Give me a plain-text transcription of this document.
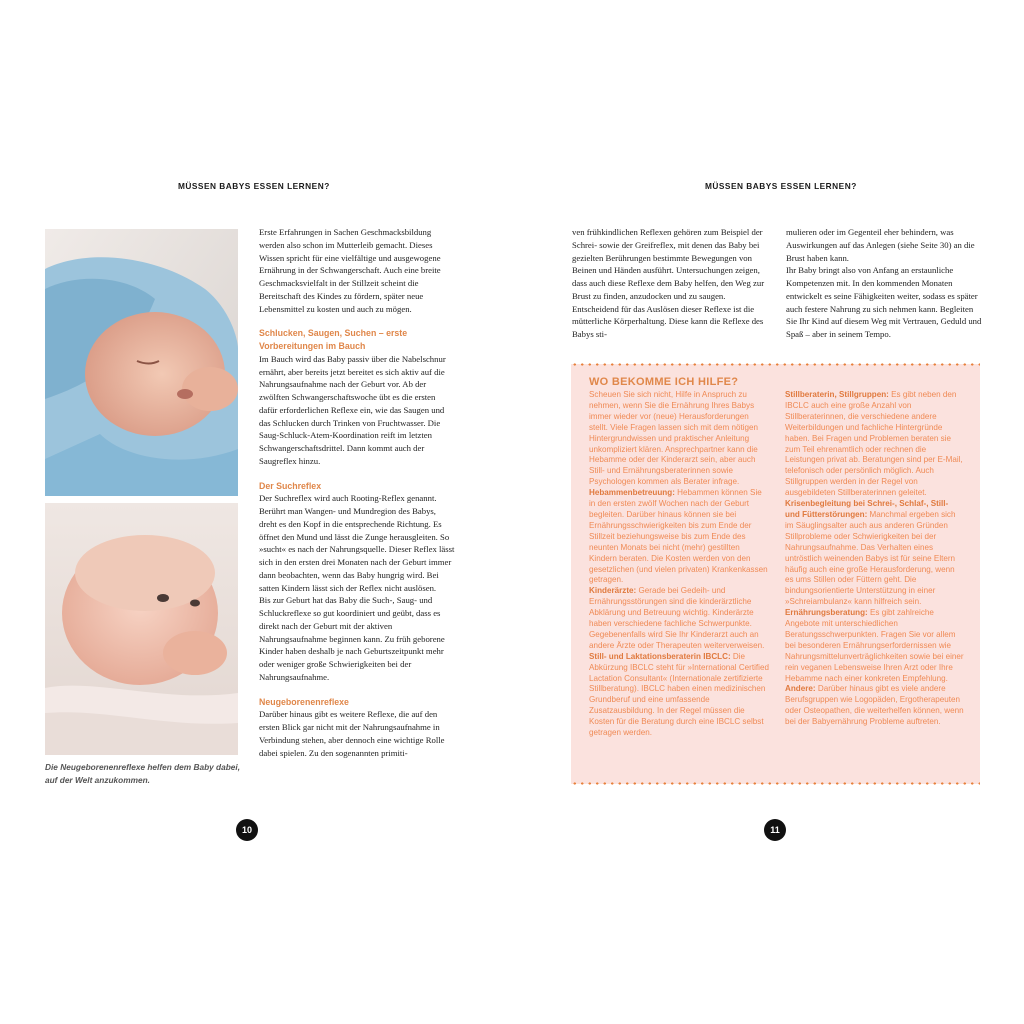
MÜSSEN BABYS ESSEN LERNEN?
Die Neugeborenenreflexe helfen dem Baby dabei, auf der Welt anzukommen.

Erste Erfahrungen in Sachen Geschmacksbildung werden also schon im Mutterleib gemacht. Dieses Wissen spricht für eine vielfältige und ausgewogene Ernährung in der Schwangerschaft. Auch eine breite Geschmacksvielfalt in der Stillzeit scheint die Bereitschaft des Kindes zu fördern, später neue Lebensmittel zu kosten und auch zu mögen.

Schlucken, Saugen, Suchen – erste Vorbereitungen im Bauch

Im Bauch wird das Baby passiv über die Nabelschnur ernährt, aber bereits jetzt bereitet es sich aktiv auf die Nahrungsaufnahme nach der Geburt vor. Ab der zwölften Schwangerschaftswoche übt es die ersten dafür erforderlichen Reflexe ein, wie das Saugen und das Schlucken durch Trinken von Fruchtwasser. Die Saug-Schluck-Atem-Koordination reift im letzten Schwangerschaftsdrittel. Dann kommt auch der Saugreflex hinzu.

Der Suchreflex

Der Suchreflex wird auch Rooting-Reflex genannt. Berührt man Wangen- und Mundregion des Babys, dreht es den Kopf in die entsprechende Richtung. Es öffnet den Mund und lässt die Zunge herausgleiten. So »sucht« es nach der Nahrungsquelle. Dieser Reflex lässt sich in den ersten drei Monaten nach der Geburt immer dann beobachten, wenn das Baby hungrig wird. Bei satten Kindern lässt sich der Reflex nicht auslösen.

Bis zur Geburt hat das Baby die Such-, Saug- und Schluckreflexe so gut koordiniert und geübt, dass es direkt nach der Geburt mit der aktiven Nahrungsaufnahme beginnen kann. Zu früh geborene Kinder haben deshalb je nach Geburtszeitpunkt mehr oder weniger große Schwierigkeiten bei der Nahrungsaufnahme.

Neugeborenenreflexe

Darüber hinaus gibt es weitere Reflexe, die auf den ersten Blick gar nicht mit der Nahrungsaufnahme in Verbindung stehen, aber dennoch eine wichtige Rolle dabei spielen. Zu den sogenannten primiti-

10
MÜSSEN BABYS ESSEN LERNEN?

ven frühkindlichen Reflexen gehören zum Beispiel der Schrei- sowie der Greifreflex, mit denen das Baby bei gezielten Berührungen bestimmte Bewegungen von Beinen und Händen ausführt. Untersuchungen zeigen, dass auch diese Reflexe dem Baby helfen, den Weg zur Brust zu finden, anzudocken und zu saugen. Entscheidend für das Auslösen dieser Reflexe ist die mütterliche Körperhaltung. Diese kann die Reflexe des Babys sti-

mulieren oder im Gegenteil eher behindern, was Auswirkungen auf das Anlegen (siehe Seite 30) an die Brust haben kann.

Ihr Baby bringt also von Anfang an erstaunliche Kompetenzen mit. In den kommenden Monaten entwickelt es seine Fähigkeiten weiter, sodass es später auch festere Nahrung zu sich nehmen kann. Begleiten Sie Ihr Kind auf diesem Weg mit Vertrauen, Geduld und Spaß – aber in seinem Tempo.

WO BEKOMME ICH HILFE?

Scheuen Sie sich nicht, Hilfe in Anspruch zu nehmen, wenn Sie die Ernährung Ihres Babys immer wieder vor (neue) Herausforderungen stellt. Viele Fragen lassen sich mit dem nötigen Hintergrundwissen und praktischer Anleitung unkompliziert klären. Ansprechpartner kann die Hebamme oder der Kinderarzt sein, aber auch Still- und Ernährungsberaterinnen sowie Psychologen kommen als Berater infrage.

Hebammenbetreuung: Hebammen können Sie in den ersten zwölf Wochen nach der Geburt begleiten. Darüber hinaus können sie bei Ernährungsschwierigkeiten bis zum Ende der Stillzeit beziehungsweise bis zum Ende des neunten Monats bei nicht (mehr) gestillten Kindern beraten. Die Kosten werden von den gesetzlichen (und vielen privaten) Krankenkassen getragen.

Kinderärzte: Gerade bei Gedeih- und Ernährungsstörungen sind die kinderärztliche Abklärung und Betreuung wichtig. Kinderärzte haben verschiedene fachliche Schwerpunkte. Gegebenenfalls wird Sie Ihr Kinderarzt auch an andere Ärzte oder Therapeuten weiterverweisen.

Still- und Laktationsberaterin IBCLC: Die Abkürzung IBCLC steht für »International Certified Lactation Consultant« (Internationale zertifizierte Stillberatung). IBCLC haben einen medizinischen Grundberuf und eine umfassende Zusatzausbildung. In der Regel müssen die Kosten für die Beratung durch eine IBCLC selbst getragen werden.

Stillberaterin, Stillgruppen: Es gibt neben den IBCLC auch eine große Anzahl von Stillberaterinnen, die verschiedene andere Weiterbildungen und fachliche Hintergründe haben. Bei Fragen und Problemen beraten sie zum Teil ehrenamtlich oder rechnen die Leistungen privat ab. Beratungen sind per E-Mail, telefonisch oder persönlich möglich. Auch Stillgruppen werden in der Regel von ausgebildeten Stillberaterinnen geleitet.

Krisenbegleitung bei Schrei-, Schlaf-, Still- und Fütterstörungen: Manchmal ergeben sich im Säuglingsalter auch aus anderen Gründen Stillprobleme oder Schwierigkeiten bei der Nahrungsaufnahme. Das Verhalten eines untröstlich weinenden Babys ist für seine Eltern häufig auch eine große Herausforderung, wenn es ums Stillen oder Füttern geht. Die bindungsorientierte Unterstützung in einer »Schreiambulanz« kann hilfreich sein.

Ernährungsberatung: Es gibt zahlreiche Angebote mit unterschiedlichen Beratungsschwerpunkten. Fragen Sie vor allem bei besonderen Ernährungserfordernissen wie Nahrungsmittelunverträglichkeiten sowie bei einer rein veganen Lebensweise Ihren Arzt oder Ihre Hebamme nach einer konkreten Empfehlung.

Andere: Darüber hinaus gibt es viele andere Berufsgruppen wie Logopäden, Ergotherapeuten oder Osteopathen, die weiterhelfen können, wenn bei der Babyernährung Probleme auftreten.

11
